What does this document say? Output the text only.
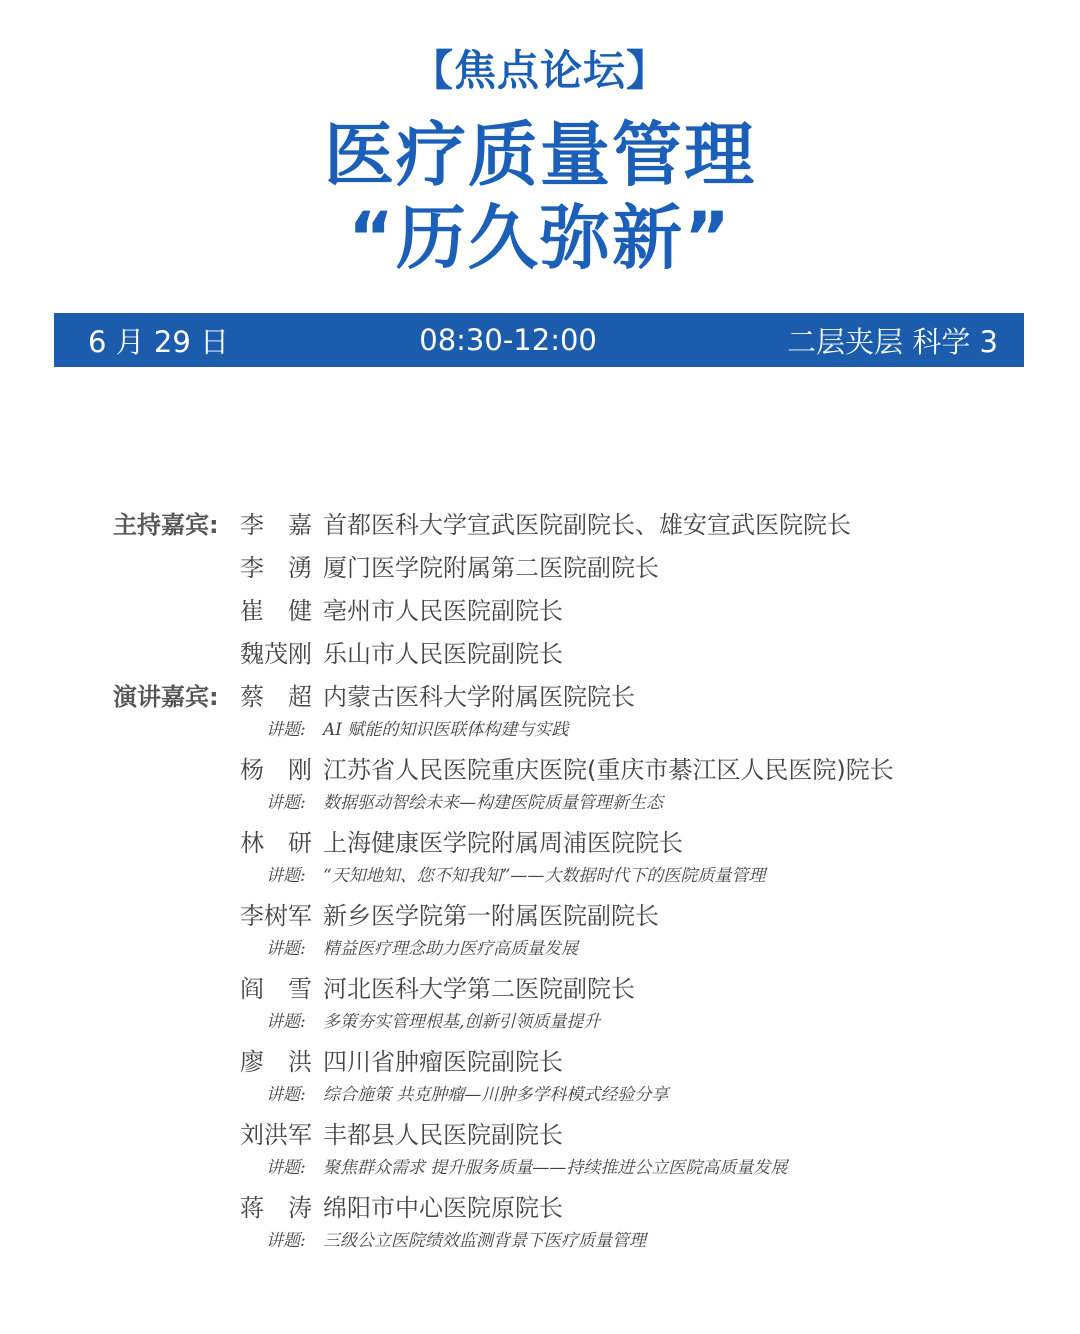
【焦点论坛】
医疗质量管理
“历久弥新”
6 月 29 日	08:30-12:00	二层夹层 科学 3
主持嘉宾: 李 嘉 首都医科大学宣武医院副院长、雄安宣武医院院长
李 湧 厦门医学院附属第二医院副院长
崔 健 亳州市人民医院副院长
魏 茂 刚 乐山市人民医院副院长
演讲嘉宾: 蔡 超 内蒙古医科大学附属医院院长
讲题: AI 赋能的知识医联体构建与实践
杨 刚 江苏省人民医院重庆医院(重庆市綦江区人民医院)院长
讲题: 数据驱动智绘未来—构建医院质量管理新生态
林 研 上海健康医学院附属周浦医院院长
讲题: “天知地知、您不知我知”——大数据时代下的医院质量管理
李 树 军 新乡医学院第一附属医院副院长
讲题: 精益医疗理念助力医疗高质量发展
阎 雪 河北医科大学第二医院副院长
讲题: 多策夯实管理根基,创新引领质量提升
廖 洪 四川省肿瘤医院副院长
讲题: 综合施策 共克肿瘤—川肿多学科模式经验分享
刘 洪 军 丰都县人民医院副院长
讲题: 聚焦群众需求 提升服务质量——持续推进公立医院高质量发展
蒋 涛 绵阳市中心医院原院长
讲题: 三级公立医院绩效监测背景下医疗质量管理
